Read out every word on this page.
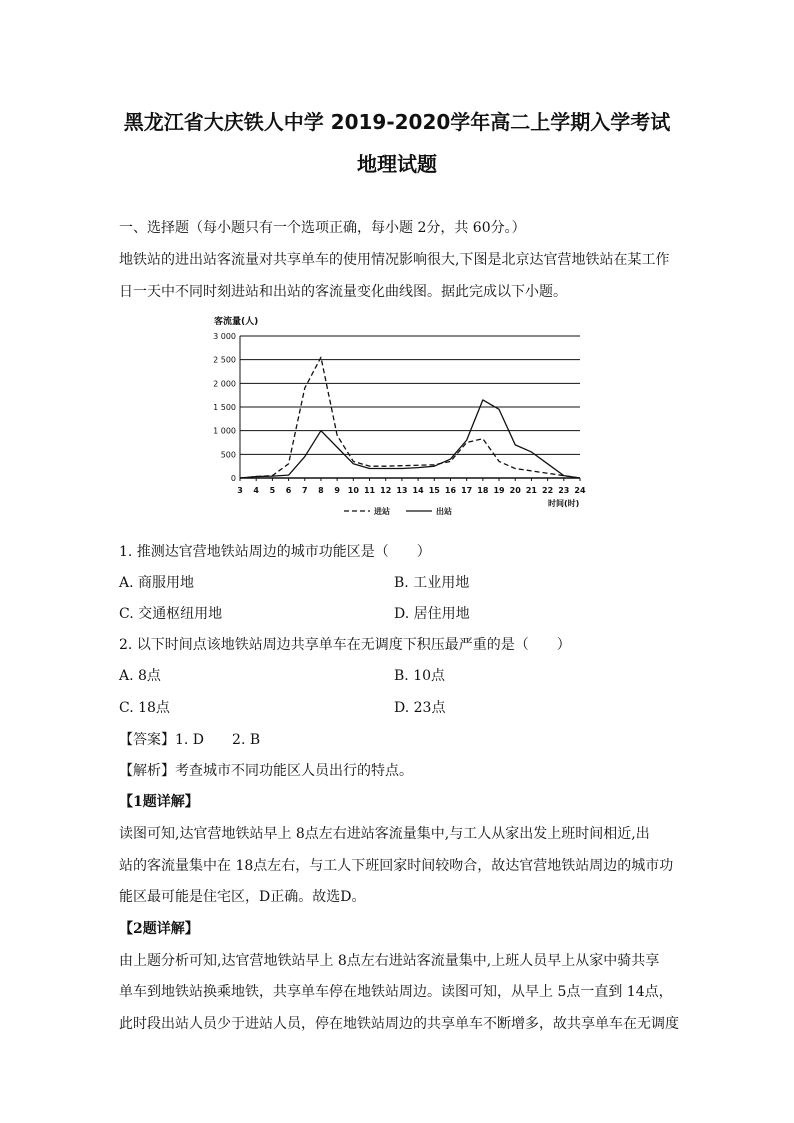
黑龙江省大庆铁人中学 2019-2020学年高二上学期入学考试
地理试题
一、选择题（每小题只有一个选项正确，每小题 2分，共 60分。）
地铁站的进出站客流量对共享单车的使用情况影响很大,下图是北京达官营地铁站在某工作
日一天中不同时刻进站和出站的客流量变化曲线图。据此完成以下小题。
客流量(人)
0
500
1 000
1 500
2 000
2 500
3 000
3 4 5 6 7 8 9 10 11 12 13 14 15 16 17 18 19 20 21 22 23 24
时间(时)
进站	出站
1. 推测达官营地铁站周边的城市功能区是（　　）
A. 商服用地	B. 工业用地
C. 交通枢纽用地	D. 居住用地
2. 以下时间点该地铁站周边共享单车在无调度下积压最严重的是（　　）
A. 8点	B. 10点
C. 18点	D. 23点
【答案】1. D　　2. B
【解析】考查城市不同功能区人员出行的特点。
【1题详解】
读图可知,达官营地铁站早上 8点左右进站客流量集中,与工人从家出发上班时间相近,出
站的客流量集中在 18点左右，与工人下班回家时间较吻合，故达官营地铁站周边的城市功
能区最可能是住宅区，D正确。故选D。
【2题详解】
由上题分析可知,达官营地铁站早上 8点左右进站客流量集中,上班人员早上从家中骑共享
单车到地铁站换乘地铁，共享单车停在地铁站周边。读图可知，从早上 5点一直到 14点，
此时段出站人员少于进站人员，停在地铁站周边的共享单车不断增多，故共享单车在无调度
